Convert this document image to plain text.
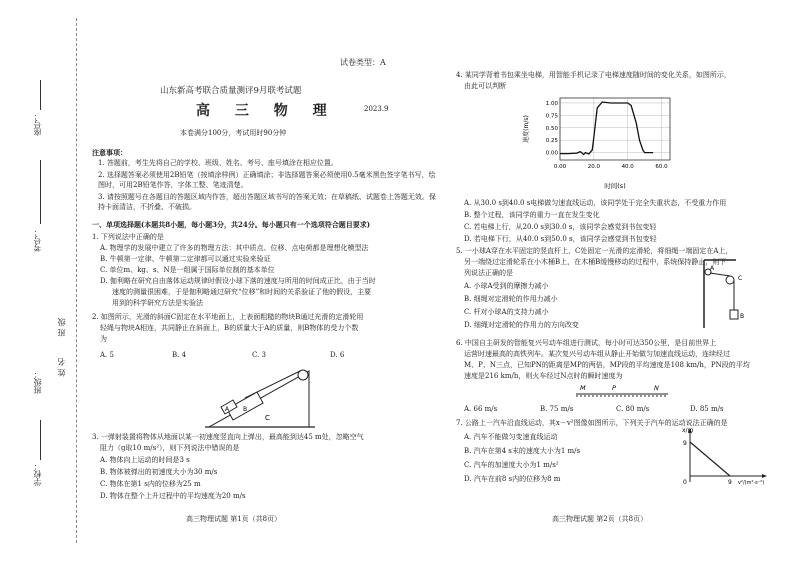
座号：
考号：
班 级
姓 名
班级：
学校：
试卷类型：A
山东新高考联合质量测评9月联考试题
高 三 物 理	2023.9
本卷满分100分，考试用时90分钟
注意事项：
1. 答题前，考生先将自己的学校、班级、姓名、考号、座号填涂在相应位置。
2. 选择题答案必须使用2B铅笔（按填涂样例）正确填涂；非选择题答案必须使用0.5毫米黑色签字笔书写，绘图时，可用2B铅笔作答，字体工整、笔迹清楚。
3. 请按照题号在各题目的答题区域内作答，超出答题区域书写的答案无效；在草稿纸、试题卷上答题无效。保持卡面清洁，不折叠、不破损。
一、单项选择题(本题共8小题，每小题3分，共24分。每小题只有一个选项符合题目要求)
1. 下列说法中正确的是
A. 物理学的发展中建立了许多的物理方法：其中质点、位移、点电荷都是理想化模型法
B. 牛顿第一定律、牛顿第二定律都可以通过实验来验证
C. 单位m、kg、s、N是一组属于国际单位制的基本单位
D. 伽利略在研究自由落体运动规律时假设小球下落的速度与所用的时间成正比，由于当时
速度的测量很困难，于是伽利略通过研究“位移”和时间的关系验证了他的假设，主要
用到的科学研究方法是实验法
2. 如图所示，光滑的斜面C固定在水平地面上，上表面粗糙的物块B通过光滑的定滑轮用
轻绳与物块A相连，共同静止在斜面上，B的质量大于A的质量，则B物体的受力个数
为
A. 5	B. 4	C. 3	D. 6
A B
C
3. 一弹射装置将物体从地面以某一初速度竖直向上弹出，最高能到达45 m处，忽略空气
阻力（g取10 m/s²），则下列说法中错误的是
A. 物体向上运动的时间是3 s
B. 物体被弹出的初速度大小为30 m/s
C. 物体在第1 s内的位移为25 m
D. 物体在整个上升过程中的平均速度为20 m/s
高三物理试题 第1页（共8页）
4. 某同学背着书包乘坐电梯，用智能手机记录了电梯速度随时间的变化关系，如图所示，
由此可以判断
0.00
0.25
0.50
0.75
1.00
0.00	20.0	40.0	60.0
时间(s)
速度(m/s)
A. 从30.0 s到40.0 s电梯做匀速直线运动，该同学处于完全失重状态，不受重力作用
B. 整个过程，该同学的重力一直在发生变化
C. 若电梯上行，从20.0 s到30.0 s，该同学会感觉到书包变轻
D. 若电梯下行，从40.0 s到50.0 s，该同学会感觉到书包变轻
5. 一小球A穿在水平固定的竖直杆上，C处固定一光滑的定滑轮，将细绳一端固定在A上，
另一端绕过定滑轮系在小木桶B上，在木桶B缓慢移动的过程中，系统保持静止，则下
列说法正确的是
A. 小球A受到的摩擦力减小
B. 细绳对定滑轮的作用力减小
C. 杆对小球A的支持力减小
D. 细绳对定滑轮的作用力的方向改变
A
C
B
6. 中国自主研发的智能复兴号动车组进行测试，每小时可达350公里，是目前世界上
运营时速最高的高铁列车。某次复兴号动车组从静止开始做匀加速直线运动，连续经过
M、P、N三点，已知PN的距离是MP的两倍，MP段的平均速度是108 km/h，PN段的平均
速度是216 km/h，则火车经过N点时的瞬时速度为
M	P	N
A. 66 m/s	B. 75 m/s	C. 80 m/s	D. 85 m/s
7. 公路上一汽车沿直线运动，其x－v²图像如图所示，下列关于汽车的运动说法正确的是
A. 汽车不能做匀变速直线运动
B. 汽车在第4 s末的速度大小为1 m/s
C. 汽车的加速度大小为1 m/s²
D. 汽车在前8 s内的位移为8 m
x/m
9
0	9 v²/(m²·s⁻²)
高三物理试题 第2页（共8页）
